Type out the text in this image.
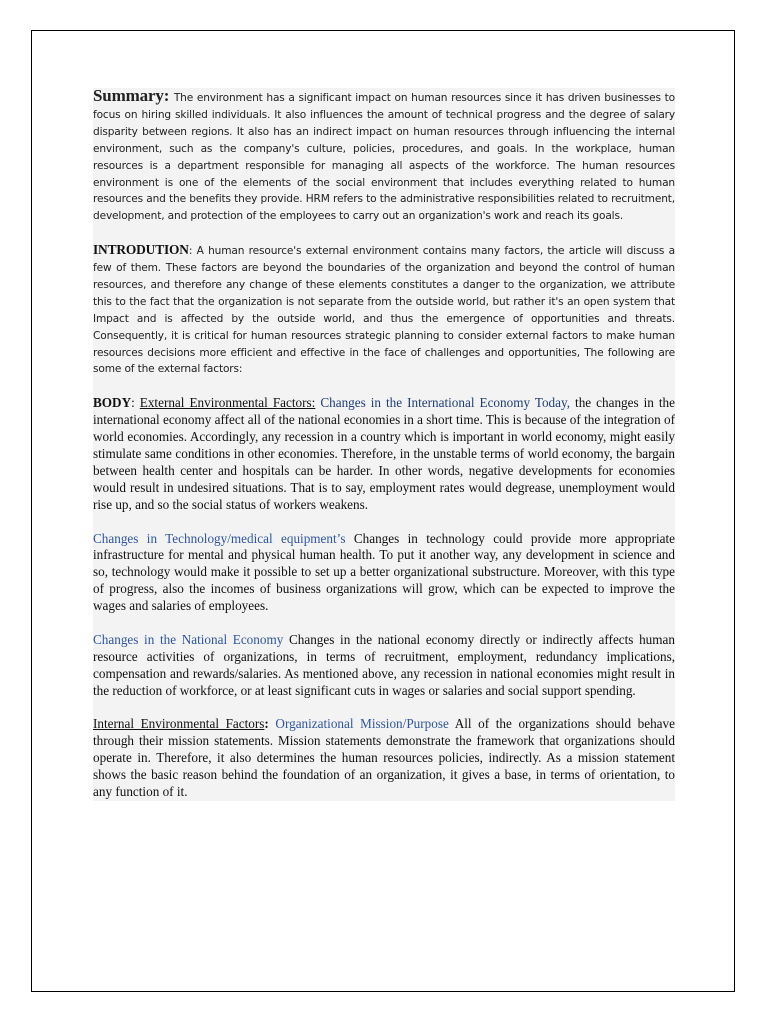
Summary: The environment has a significant impact on human resources since it has driven businesses to focus on hiring skilled individuals. It also influences the amount of technical progress and the degree of salary disparity between regions. It also has an indirect impact on human resources through influencing the internal environment, such as the company's culture, policies, procedures, and goals. In the workplace, human resources is a department responsible for managing all aspects of the workforce. The human resources environment is one of the elements of the social environment that includes everything related to human resources and the benefits they provide. HRM refers to the administrative responsibilities related to recruitment, development, and protection of the employees to carry out an organization's work and reach its goals.

INTRODUTION: A human resource's external environment contains many factors, the article will discuss a few of them. These factors are beyond the boundaries of the organization and beyond the control of human resources, and therefore any change of these elements constitutes a danger to the organization, we attribute this to the fact that the organization is not separate from the outside world, but rather it's an open system that Impact and is affected by the outside world, and thus the emergence of opportunities and threats. Consequently, it is critical for human resources strategic planning to consider external factors to make human resources decisions more efficient and effective in the face of challenges and opportunities, The following are some of the external factors:

BODY: External Environmental Factors: Changes in the International Economy Today, the changes in the international economy affect all of the national economies in a short time. This is because of the integration of world economies. Accordingly, any recession in a country which is important in world economy, might easily stimulate same conditions in other economies. Therefore, in the unstable terms of world economy, the bargain between health center and hospitals can be harder. In other words, negative developments for economies would result in undesired situations. That is to say, employment rates would degrease, unemployment would rise up, and so the social status of workers weakens.

Changes in Technology/medical equipment’s Changes in technology could provide more appropriate infrastructure for mental and physical human health. To put it another way, any development in science and so, technology would make it possible to set up a better organizational substructure. Moreover, with this type of progress, also the incomes of business organizations will grow, which can be expected to improve the wages and salaries of employees.

Changes in the National Economy Changes in the national economy directly or indirectly affects human resource activities of organizations, in terms of recruitment, employment, redundancy implications, compensation and rewards/salaries. As mentioned above, any recession in national economies might result in the reduction of workforce, or at least significant cuts in wages or salaries and social support spending.

Internal Environmental Factors: Organizational Mission/Purpose All of the organizations should behave through their mission statements. Mission statements demonstrate the framework that organizations should operate in. Therefore, it also determines the human resources policies, indirectly. As a mission statement shows the basic reason behind the foundation of an organization, it gives a base, in terms of orientation, to any function of it.
